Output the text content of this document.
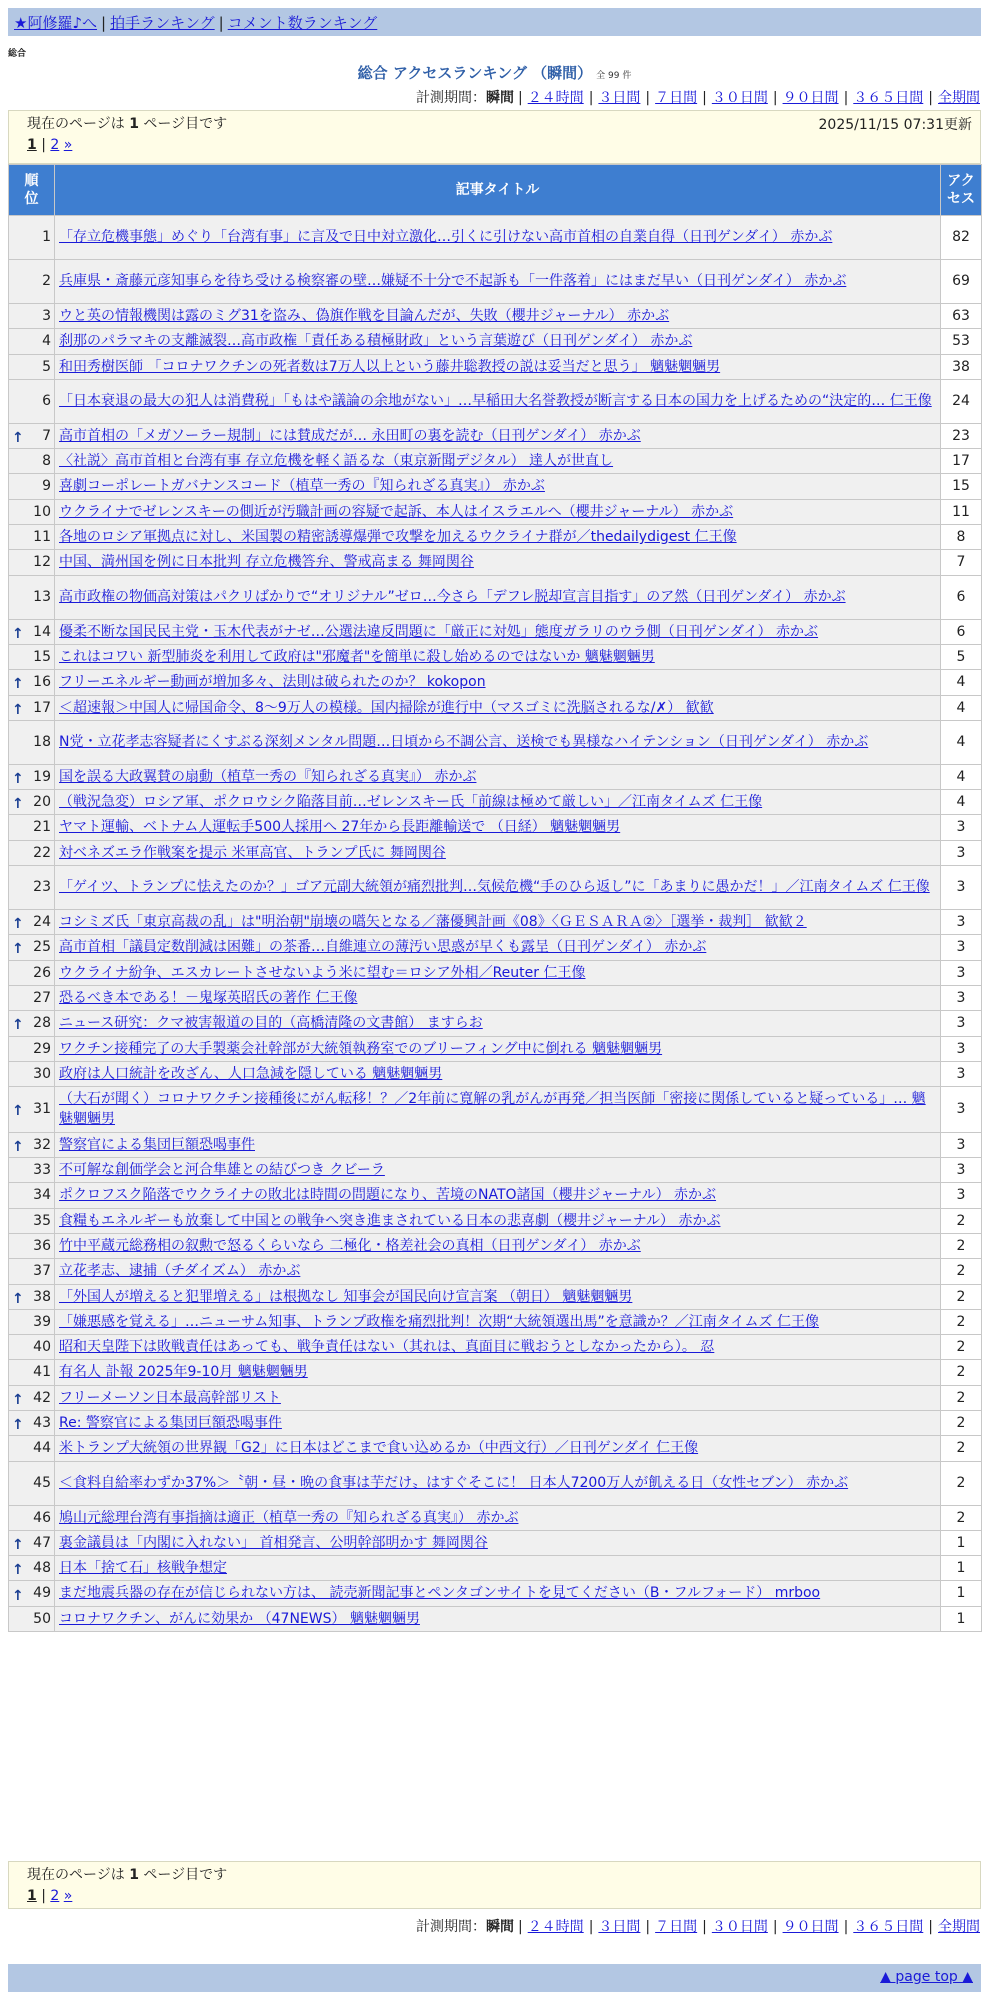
★阿修羅♪へ | 拍手ランキング | コメント数ランキング
総合
総合 アクセスランキング （瞬間） 全 99 件
計測期間：瞬間 | ２４時間 | ３日間 | ７日間 | ３０日間 | ９０日間 | ３６５日間 | 全期間
現在のページは 1 ページ目です	2025/11/15 07:31更新
1 | 2 »
順
位	記事タイトル	アク
セス
1	「存立危機事態」めぐり「台湾有事」に言及で日中対立激化…引くに引けない高市首相の自業自得（日刊ゲンダイ） 赤かぶ	82
2	兵庫県・斎藤元彦知事らを待ち受ける検察審の壁…嫌疑不十分で不起訴も「一件落着」にはまだ早い（日刊ゲンダイ） 赤かぶ	69
3	ウと英の情報機関は露のミグ31を盗み、偽旗作戦を目論んだが、失敗（櫻井ジャーナル） 赤かぶ	63
4	刹那のパラマキの支離滅裂…高市政権「責任ある積極財政」という言葉遊び（日刊ゲンダイ） 赤かぶ	53
5	和田秀樹医師 「コロナワクチンの死者数は7万人以上という藤井聡教授の説は妥当だと思う」 魑魅魍魎男	38
6	「日本衰退の最大の犯人は消費税」「もはや議論の余地がない」…早稲田大名誉教授が断言する日本の国力を上げるための“決定的… 仁王像	24

↑ 7	高市首相の「メガソーラー規制」には賛成だが… 永田町の裏を読む（日刊ゲンダイ） 赤かぶ	23
8	〈社説〉高市首相と台湾有事 存立危機を軽く語るな（東京新聞デジタル） 達人が世直し	17
9	喜劇コーポレートガバナンスコード（植草一秀の『知られざる真実』） 赤かぶ	15
10	ウクライナでゼレンスキーの側近が汚職計画の容疑で起訴、本人はイスラエルへ（櫻井ジャーナル） 赤かぶ	11
11	各地のロシア軍拠点に対し、米国製の精密誘導爆弾で攻撃を加えるウクライナ群が／thedailydigest 仁王像	8
12	中国、満州国を例に日本批判 存立危機答弁、警戒高まる 舞岡関谷	7
13	高市政権の物価高対策はパクリばかりで“オリジナル”ゼロ…今さら「デフレ脱却宣言目指す」のア然（日刊ゲンダイ） 赤かぶ	6

↑ 14	優柔不断な国民民主党・玉木代表がナゼ…公選法違反問題に「厳正に対処」態度ガラリのウラ側（日刊ゲンダイ） 赤かぶ	6
15	これはコワい 新型肺炎を利用して政府は"邪魔者"を簡単に殺し始めるのではないか 魑魅魍魎男	5

↑ 16	フリーエネルギー動画が増加多々、法則は破られたのか？ kokopon	4

↑ 17	＜超速報＞中国人に帰国命令、8～9万人の模様。国内掃除が進行中（マスゴミに洗脳されるな/✗） 歓歓	4
18	N党・立花孝志容疑者にくすぶる深刻メンタル問題…日頃から不調公言、送検でも異様なハイテンション（日刊ゲンダイ） 赤かぶ	4

↑ 19	国を誤る大政翼賛の扇動（植草一秀の『知られざる真実』） 赤かぶ	4

↑ 20	（戦況急変）ロシア軍、ポクロウシク陥落目前…ゼレンスキー氏「前線は極めて厳しい」／江南タイムズ 仁王像	4
21	ヤマト運輸、ベトナム人運転手500人採用へ 27年から長距離輸送で （日経） 魑魅魍魎男	3
22	対ベネズエラ作戦案を提示 米軍高官、トランプ氏に 舞岡関谷	3
23	「ゲイツ、トランプに怯えたのか？」ゴア元副大統領が痛烈批判…気候危機“手のひら返し”に「あまりに愚かだ！」／江南タイムズ 仁王像	3

↑ 24	コシミズ氏「東京高裁の乱」は"明治朝"崩壊の嚆矢となる／藩優興計画《08》〈ＧＥＳＡＲＡ②〉［選挙・裁判］ 歓歓２	3

↑ 25	高市首相「議員定数削減は困難」の茶番…自維連立の薄汚い思惑が早くも露呈（日刊ゲンダイ） 赤かぶ	3
26	ウクライナ紛争、エスカレートさせないよう米に望む＝ロシア外相／Reuter 仁王像	3
27	恐るべき本である！－鬼塚英昭氏の著作 仁王像	3

↑ 28	ニュース研究：クマ被害報道の目的（高橋清隆の文書館） ますらお	3
29	ワクチン接種完了の大手製薬会社幹部が大統領執務室でのブリーフィング中に倒れる 魑魅魍魎男	3
30	政府は人口統計を改ざん、人口急減を隠している 魑魅魍魎男	3

↑ 31	（大石が聞く）コロナワクチン接種後にがん転移！？／2年前に寛解の乳がんが再発／担当医師「密接に関係していると疑っている」… 魑魅魍魎男	3

↑ 32	警察官による集団巨額恐喝事件	3
33	不可解な創価学会と河合隼雄との結びつき クビーラ	3
34	ポクロフスク陥落でウクライナの敗北は時間の問題になり、苦境のNATO諸国（櫻井ジャーナル） 赤かぶ	3
35	食糧もエネルギーも放棄して中国との戦争へ突き進まされている日本の悲喜劇（櫻井ジャーナル） 赤かぶ	2
36	竹中平蔵元総務相の叙勲で怒るくらいなら 二極化・格差社会の真相（日刊ゲンダイ） 赤かぶ	2
37	立花孝志、逮捕（チダイズム） 赤かぶ	2

↑ 38	「外国人が増えると犯罪増える」は根拠なし 知事会が国民向け宣言案 （朝日） 魑魅魍魎男	2
39	「嫌悪感を覚える」…ニューサム知事、トランプ政権を痛烈批判！次期“大統領選出馬”を意識か？／江南タイムズ 仁王像	2
40	昭和天皇陛下は敗戦責任はあっても、戦争責任はない（其れは、真面目に戦おうとしなかったから）。 忍	2
41	有名人 訃報 2025年9-10月 魑魅魍魎男	2

↑ 42	フリーメーソン日本最高幹部リスト	2

↑ 43	Re: 警察官による集団巨額恐喝事件	2
44	米トランプ大統領の世界観「G2」に日本はどこまで食い込めるか（中西文行）／日刊ゲンダイ 仁王像	2
45	＜食料自給率わずか37%＞〝朝・昼・晩の食事は芋だけ〟はすぐそこに！ 日本人7200万人が飢える日（女性セブン） 赤かぶ	2
46	鳩山元総理台湾有事指摘は適正（植草一秀の『知られざる真実』） 赤かぶ	2

↑ 47	裏金議員は「内閣に入れない」 首相発言、公明幹部明かす 舞岡関谷	1

↑ 48	日本「捨て石」核戦争想定	1

↑ 49	まだ地震兵器の存在が信じられない方は、 読売新聞記事とペンタゴンサイトを見てください（B・フルフォード） mrboo	1
50	コロナワクチン、がんに効果か （47NEWS） 魑魅魍魎男	1
現在のページは 1 ページ目です
1 | 2 »
計測期間：瞬間 | ２４時間 | ３日間 | ７日間 | ３０日間 | ９０日間 | ３６５日間 | 全期間
▲ page top ▲
